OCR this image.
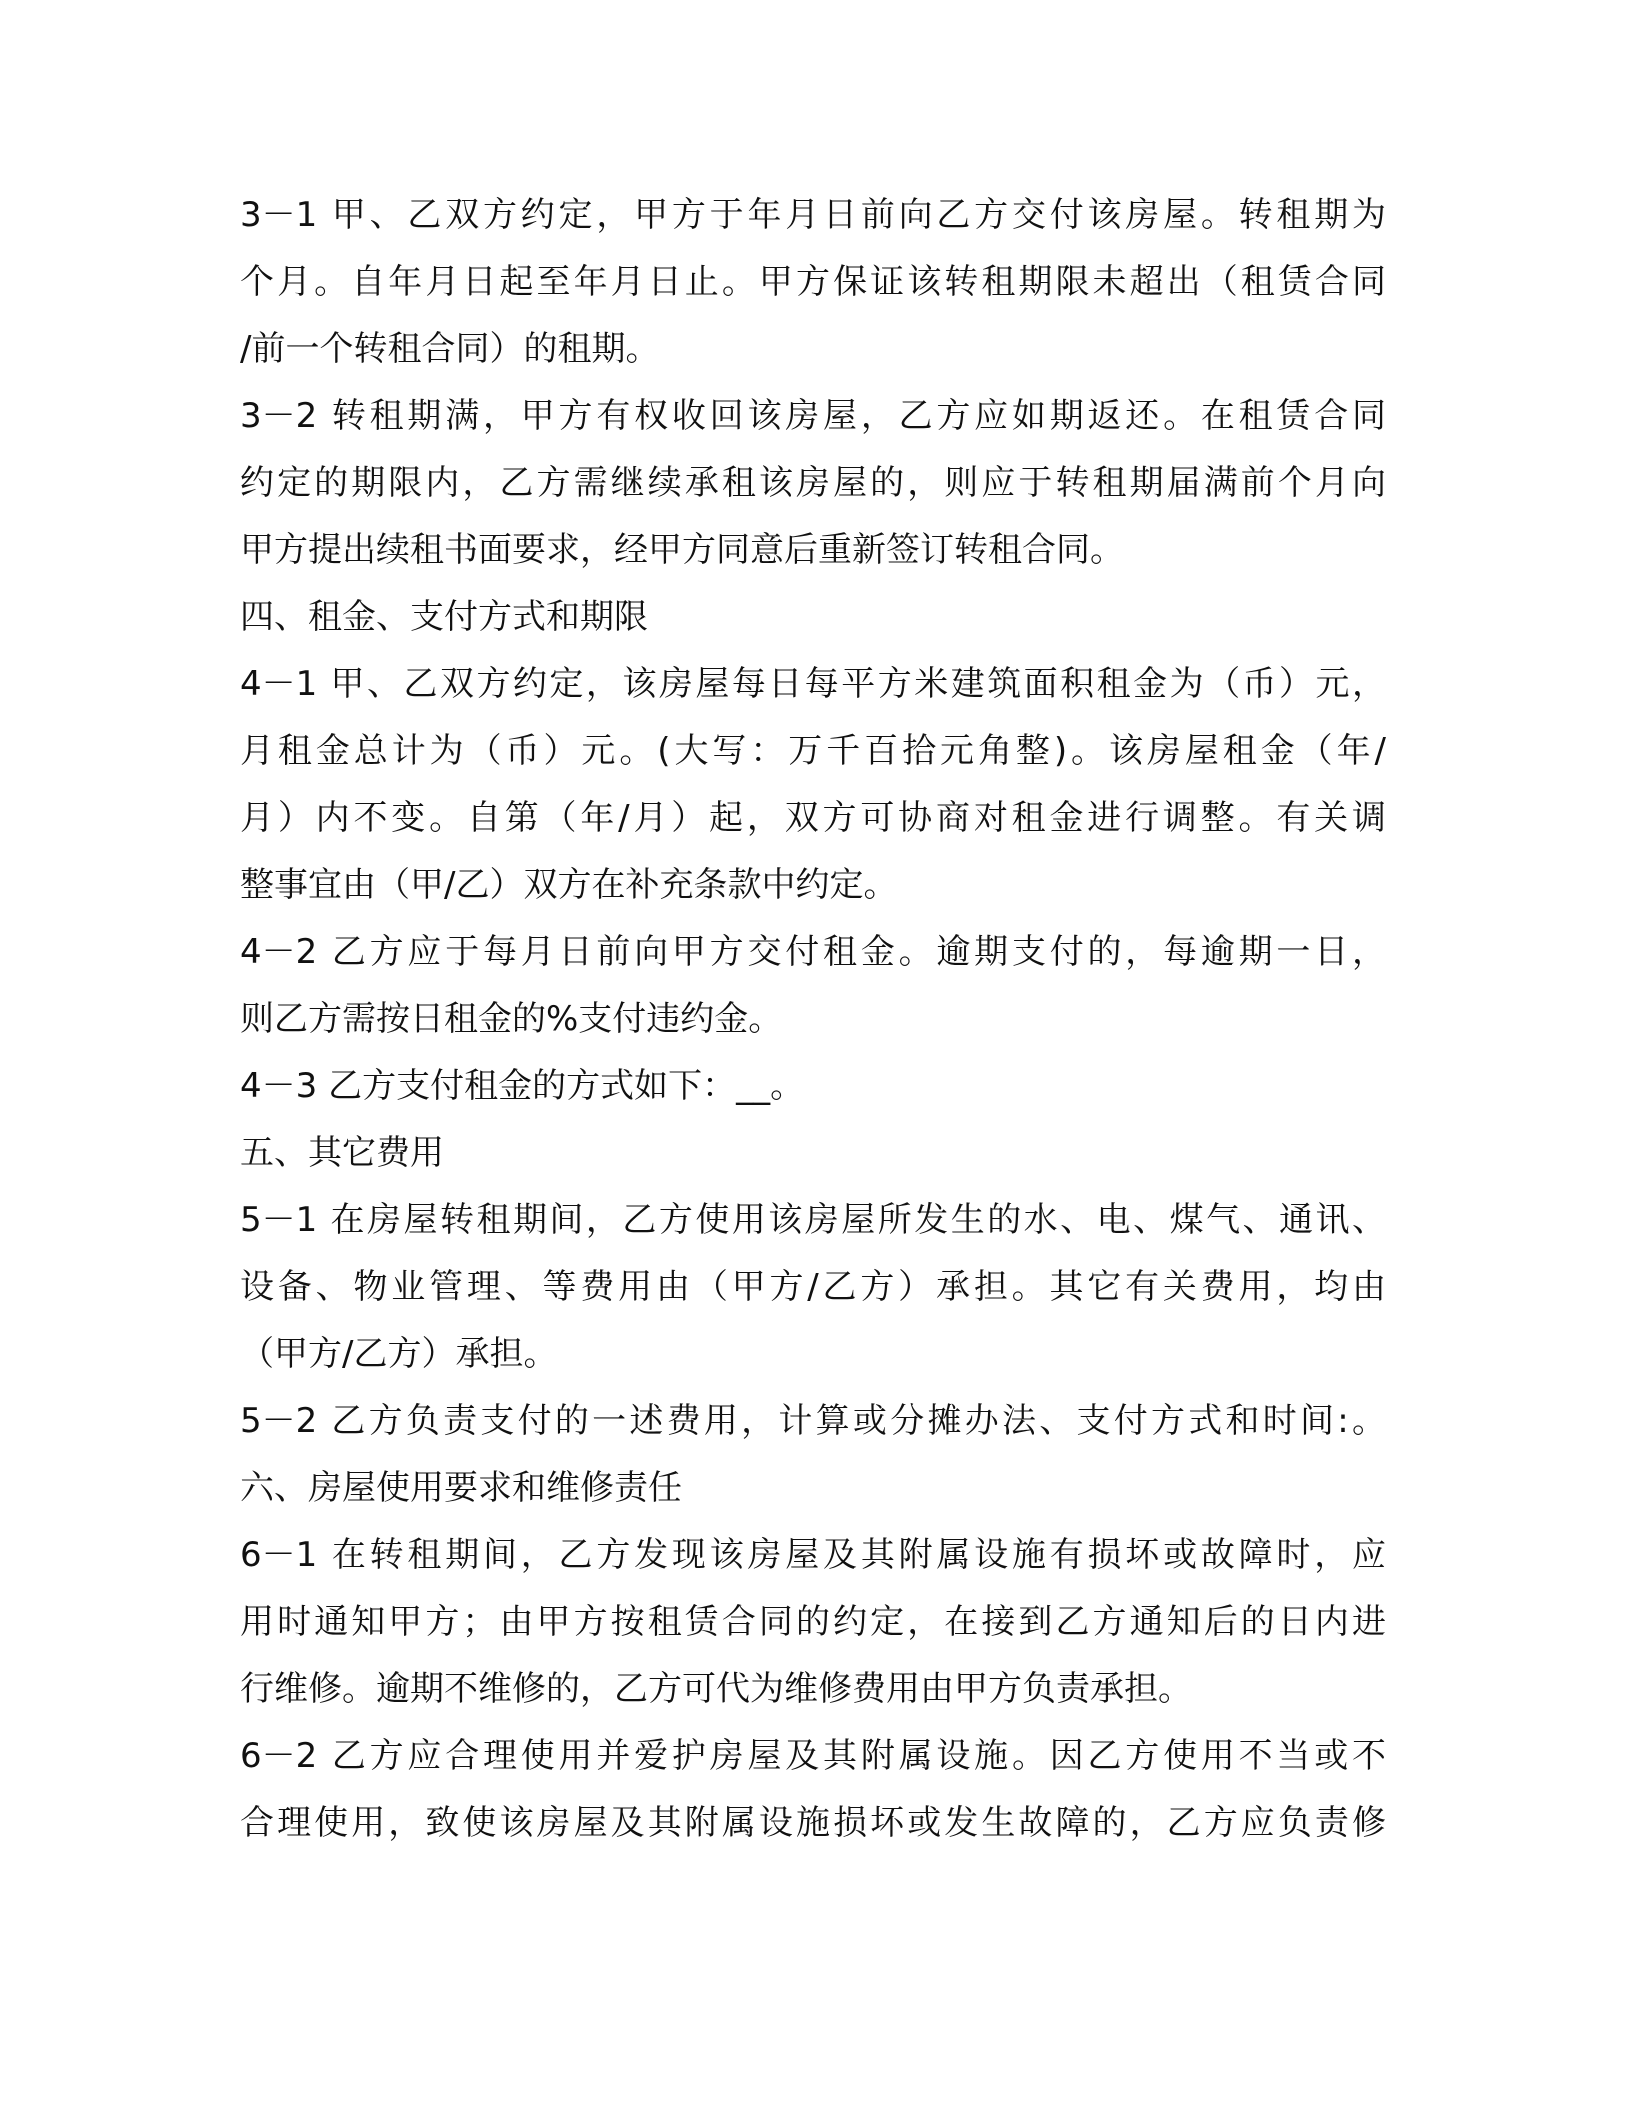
3－1 甲、乙双方约定，甲方于年月日前向乙方交付该房屋。转租期为
个月。自年月日起至年月日止。甲方保证该转租期限未超出（租赁合同
/前一个转租合同）的租期。
3－2 转租期满，甲方有权收回该房屋，乙方应如期返还。在租赁合同
约定的期限内，乙方需继续承租该房屋的，则应于转租期届满前个月向
甲方提出续租书面要求，经甲方同意后重新签订转租合同。
四、租金、支付方式和期限
4－1 甲、乙双方约定，该房屋每日每平方米建筑面积租金为（币）元，
月租金总计为（币）元。(大写：万千百拾元角整)。该房屋租金（年/
月）内不变。自第（年/月）起，双方可协商对租金进行调整。有关调
整事宜由（甲/乙）双方在补充条款中约定。
4－2 乙方应于每月日前向甲方交付租金。逾期支付的，每逾期一日，
则乙方需按日租金的%支付违约金。
4－3 乙方支付租金的方式如下：__。
五、其它费用
5－1 在房屋转租期间，乙方使用该房屋所发生的水、电、煤气、通讯、
设备、物业管理、等费用由（甲方/乙方）承担。其它有关费用，均由
（甲方/乙方）承担。
5－2 乙方负责支付的一述费用，计算或分摊办法、支付方式和时间:。
六、房屋使用要求和维修责任
6－1 在转租期间，乙方发现该房屋及其附属设施有损坏或故障时，应
用时通知甲方；由甲方按租赁合同的约定，在接到乙方通知后的日内进
行维修。逾期不维修的，乙方可代为维修费用由甲方负责承担。
6－2 乙方应合理使用并爱护房屋及其附属设施。因乙方使用不当或不
合理使用，致使该房屋及其附属设施损坏或发生故障的，乙方应负责修
